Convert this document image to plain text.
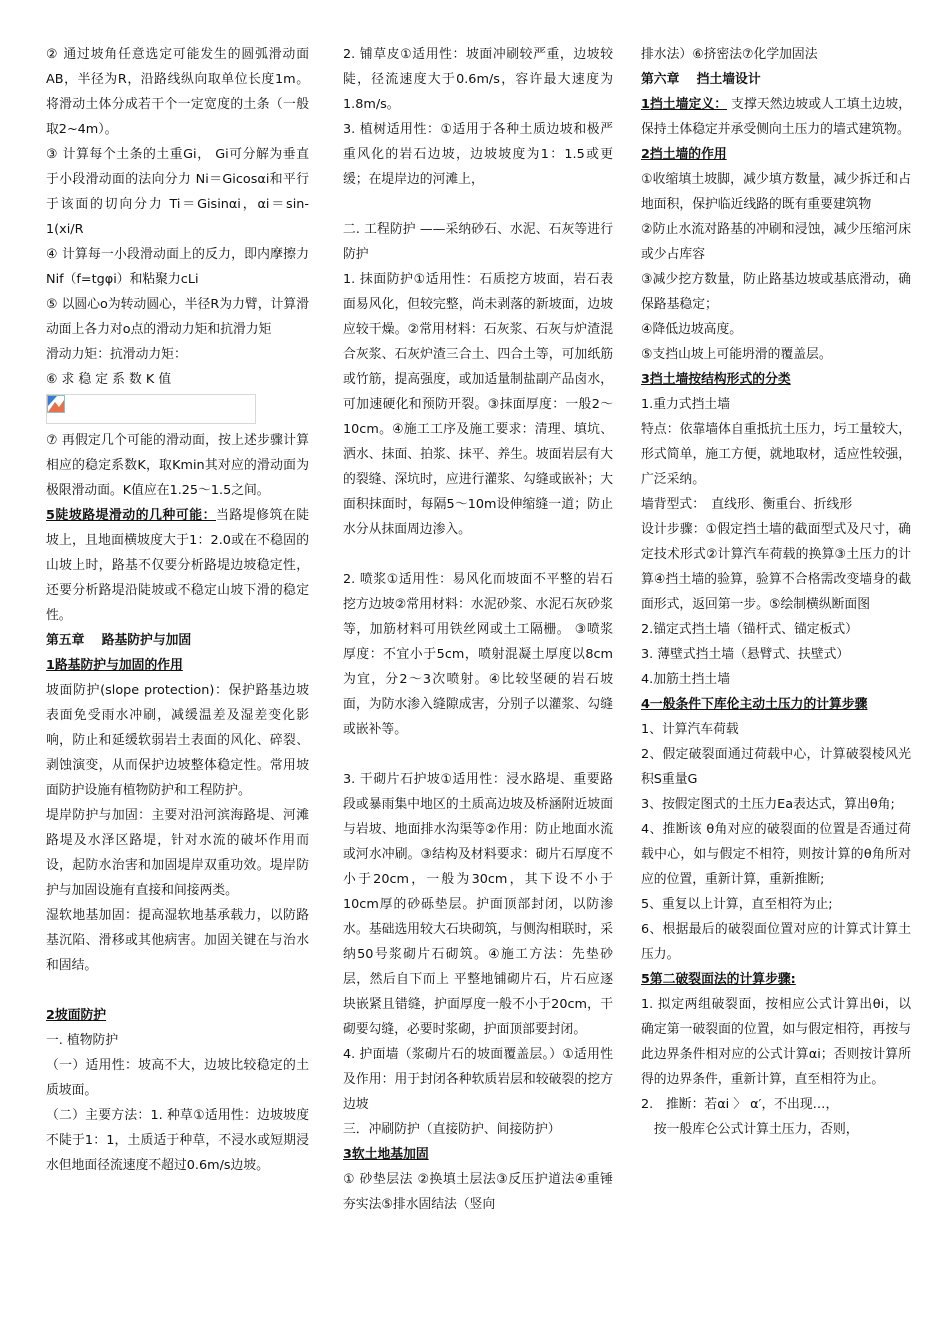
② 通过坡角任意选定可能发生的圆弧滑动面AB，半径为R，沿路线纵向取单位长度1m。将滑动土体分成若干个一定宽度的土条（一般取2~4m）。

③ 计算每个土条的土重Gi， Gi可分解为垂直于小段滑动面的法向分力 Ni＝Gicosαi和平行于该面的切向分力 Ti＝Gisinαi，αi＝sin-1(xi/R

④ 计算每一小段滑动面上的反力，即内摩擦力Nif（f=tgφi）和粘聚力cLi

⑤ 以圆心o为转动圆心，半径R为力臂，计算滑动面上各力对o点的滑动力矩和抗滑力矩

滑动力矩：抗滑动力矩：

⑥ 求 稳 定 系 数 K 值

⑦ 再假定几个可能的滑动面，按上述步骤计算相应的稳定系数K，取Kmin其对应的滑动面为极限滑动面。K值应在1.25～1.5之间。

5陡坡路堤滑动的几种可能：当路堤修筑在陡坡上，且地面横坡度大于1：2.0或在不稳固的山坡上时，路基不仅要分析路堤边坡稳定性，还要分析路堤沿陡坡或不稳定山坡下滑的稳定性。

第五章　 路基防护与加固

1路基防护与加固的作用

坡面防护(slope protection)：保护路基边坡表面免受雨水冲刷，减缓温差及湿差变化影响，防止和延缓软弱岩土表面的风化、碎裂、剥蚀演变，从而保护边坡整体稳定性。常用坡面防护设施有植物防护和工程防护。

堤岸防护与加固：主要对沿河滨海路堤、河滩路堤及水泽区路堤，针对水流的破坏作用而设，起防水治害和加固堤岸双重功效。堤岸防护与加固设施有直接和间接两类。

湿软地基加固：提高湿软地基承载力，以防路基沉陷、滑移或其他病害。加固关键在与治水和固结。

2坡面防护

一. 植物防护

（一）适用性：坡高不大，边坡比较稳定的土质坡面。

（二）主要方法：1. 种草①适用性：边坡坡度不陡于1：1，土质适于种草，不浸水或短期浸水但地面径流速度不超过0.6m/s边坡。

2. 铺草皮①适用性：坡面冲刷较严重，边坡较陡，径流速度大于0.6m/s，容许最大速度为1.8m/s。

3. 植树适用性：①适用于各种土质边坡和极严重风化的岩石边坡，边坡坡度为1：1.5或更缓；在堤岸边的河滩上，

二. 工程防护 ——采纳砂石、水泥、石灰等进行防护

1. 抹面防护①适用性：石质挖方坡面，岩石表面易风化，但较完整，尚未剥落的新坡面，边坡应较干燥。②常用材料：石灰浆、石灰与炉渣混合灰浆、石灰炉渣三合土、四合土等，可加纸筋或竹筋，提高强度，或加适量制盐副产品卤水，可加速硬化和预防开裂。③抹面厚度：一般2～10cm。④施工工序及施工要求：清理、填坑、洒水、抹面、拍浆、抹平、养生。坡面岩层有大的裂缝、深坑时，应进行灌浆、勾缝或嵌补；大面积抹面时，每隔5～10m设伸缩缝一道；防止水分从抹面周边渗入。

2. 喷浆①适用性：易风化而坡面不平整的岩石挖方边坡②常用材料：水泥砂浆、水泥石灰砂浆等，加筋材料可用铁丝网或土工隔栅。 ③喷浆厚度：不宜小于5cm，喷射混凝土厚度以8cm为宜，分2～3次喷射。④比较坚硬的岩石坡面，为防水渗入缝隙成害，分别子以灌浆、勾缝或嵌补等。

3. 干砌片石护坡①适用性：浸水路堤、重要路段或暴雨集中地区的土质高边坡及桥涵附近坡面与岩坡、地面排水沟渠等②作用：防止地面水流或河水冲刷。③结构及材料要求：砌片石厚度不小于20cm，一般为30cm，其下设不小于10cm厚的砂砾垫层。护面顶部封闭，以防渗水。基础选用较大石块砌筑，与侧沟相联时，采纳50号浆砌片石砌筑。④施工方法：先垫砂层，然后自下而上 平整地铺砌片石，片石应逐块嵌紧且错缝，护面厚度一般不小于20cm，干砌要勾缝，必要时浆砌，护面顶部要封闭。

4. 护面墙（浆砌片石的坡面覆盖层。）①适用性及作用：用于封闭各种软质岩层和较破裂的挖方边坡

三．冲刷防护（直接防护、间接防护）

3软土地基加固

① 砂垫层法 ②换填土层法③反压护道法④重锤夯实法⑤排水固结法（竖向

排水法）⑥挤密法⑦化学加固法

第六章　 挡土墙设计

1挡土墙定义： 支撑天然边坡或人工填土边坡，保持土体稳定并承受侧向土压力的墙式建筑物。

2挡土墙的作用

①收缩填土坡脚，减少填方数量，减少拆迁和占地面积，保护临近线路的既有重要建筑物

②防止水流对路基的冲刷和浸蚀，减少压缩河床或少占库容

③减少挖方数量，防止路基边坡或基底滑动，确保路基稳定；

④降低边坡高度。

⑤支挡山坡上可能坍滑的覆盖层。

3挡土墙按结构形式的分类

1.重力式挡土墙

特点：依靠墙体自重抵抗土压力，圬工量较大，形式简单，施工方便，就地取材，适应性较强，广泛采纳。

墙背型式：　直线形、衡重台、折线形

设计步骤：①假定挡土墙的截面型式及尺寸，确定技术形式②计算汽车荷载的换算③土压力的计算④挡土墙的验算，验算不合格需改变墙身的截面形式，返回第一步。⑤绘制横纵断面图

2.锚定式挡土墙（锚杆式、锚定板式）

3. 薄壁式挡土墙（悬臂式、扶壁式）

4.加筋土挡土墙

4一般条件下库伦主动土压力的计算步骤

1、计算汽车荷载

2、假定破裂面通过荷载中心，计算破裂棱风光积S重量G

3、按假定图式的土压力Ea表达式，算出θ角;

4、推断该 θ角对应的破裂面的位置是否通过荷载中心，如与假定不相符，则按计算的θ角所对应的位置，重新计算，重新推断;

5、重复以上计算，直至相符为止;

6、根据最后的破裂面位置对应的计算式计算土压力。

5第二破裂面法的计算步骤:

1. 拟定两组破裂面，按相应公式计算出θi，以确定第一破裂面的位置，如与假定相符，再按与此边界条件相对应的公式计算αi；否则按计算所得的边界条件，重新计算，直至相符为止。

2.　推断：若αi 〉 α′，不出现…，

　按一般库仑公式计算土压力，否则，
